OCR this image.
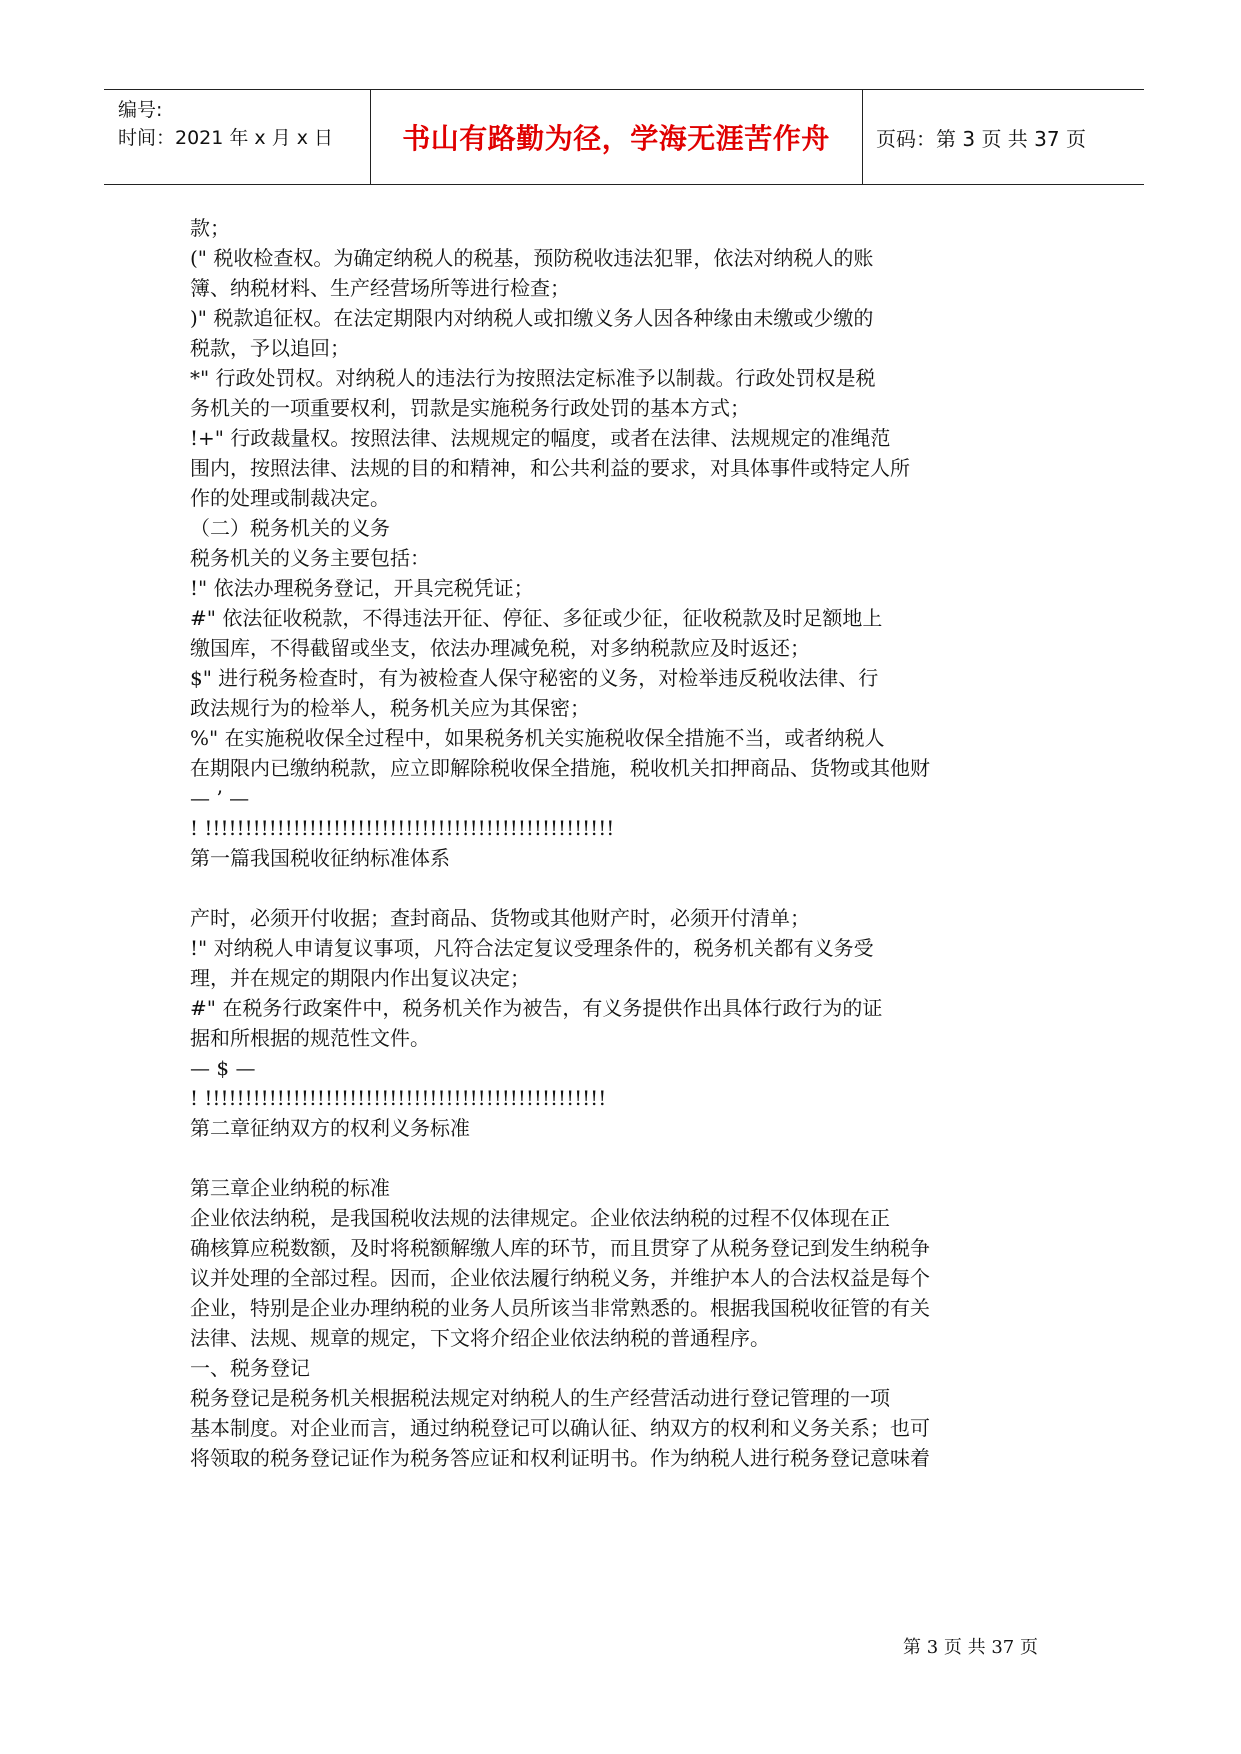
编号:
时间：2021 年 x 月 x 日	书山有路勤为径，学海无涯苦作舟	页码：第 3 页 共 37 页
款；
(" 税收检查权。为确定纳税人的税基，预防税收违法犯罪，依法对纳税人的账
簿、纳税材料、生产经营场所等进行检查；
)" 税款追征权。在法定期限内对纳税人或扣缴义务人因各种缘由未缴或少缴的
税款，予以追回；
*" 行政处罚权。对纳税人的违法行为按照法定标准予以制裁。行政处罚权是税
务机关的一项重要权利，罚款是实施税务行政处罚的基本方式；
!+" 行政裁量权。按照法律、法规规定的幅度，或者在法律、法规规定的准绳范
围内，按照法律、法规的目的和精神，和公共利益的要求，对具体事件或特定人所
作的处理或制裁决定。
（二）税务机关的义务
税务机关的义务主要包括：
!" 依法办理税务登记，开具完税凭证；
#" 依法征收税款，不得违法开征、停征、多征或少征，征收税款及时足额地上
缴国库，不得截留或坐支，依法办理减免税，对多纳税款应及时返还；
$" 进行税务检查时，有为被检查人保守秘密的义务，对检举违反税收法律、行
政法规行为的检举人，税务机关应为其保密；
%" 在实施税收保全过程中，如果税务机关实施税收保全措施不当，或者纳税人
在期限内已缴纳税款，应立即解除税收保全措施，税收机关扣押商品、货物或其他财
— ’ —
! !!!!!!!!!!!!!!!!!!!!!!!!!!!!!!!!!!!!!!!!!!!!!!!!!!!
第一篇我国税收征纳标准体系
产时，必须开付收据；查封商品、货物或其他财产时，必须开付清单；
!" 对纳税人申请复议事项，凡符合法定复议受理条件的，税务机关都有义务受
理，并在规定的期限内作出复议决定；
#" 在税务行政案件中，税务机关作为被告，有义务提供作出具体行政行为的证
据和所根据的规范性文件。
— $ —
! !!!!!!!!!!!!!!!!!!!!!!!!!!!!!!!!!!!!!!!!!!!!!!!!!!
第二章征纳双方的权利义务标准
第三章企业纳税的标准
企业依法纳税，是我国税收法规的法律规定。企业依法纳税的过程不仅体现在正
确核算应税数额，及时将税额解缴人库的环节，而且贯穿了从税务登记到发生纳税争
议并处理的全部过程。因而，企业依法履行纳税义务，并维护本人的合法权益是每个
企业，特别是企业办理纳税的业务人员所该当非常熟悉的。根据我国税收征管的有关
法律、法规、规章的规定，下文将介绍企业依法纳税的普通程序。
一、税务登记
税务登记是税务机关根据税法规定对纳税人的生产经营活动进行登记管理的一项
基本制度。对企业而言，通过纳税登记可以确认征、纳双方的权利和义务关系；也可
将领取的税务登记证作为税务答应证和权利证明书。作为纳税人进行税务登记意味着
第 3 页 共 37 页
